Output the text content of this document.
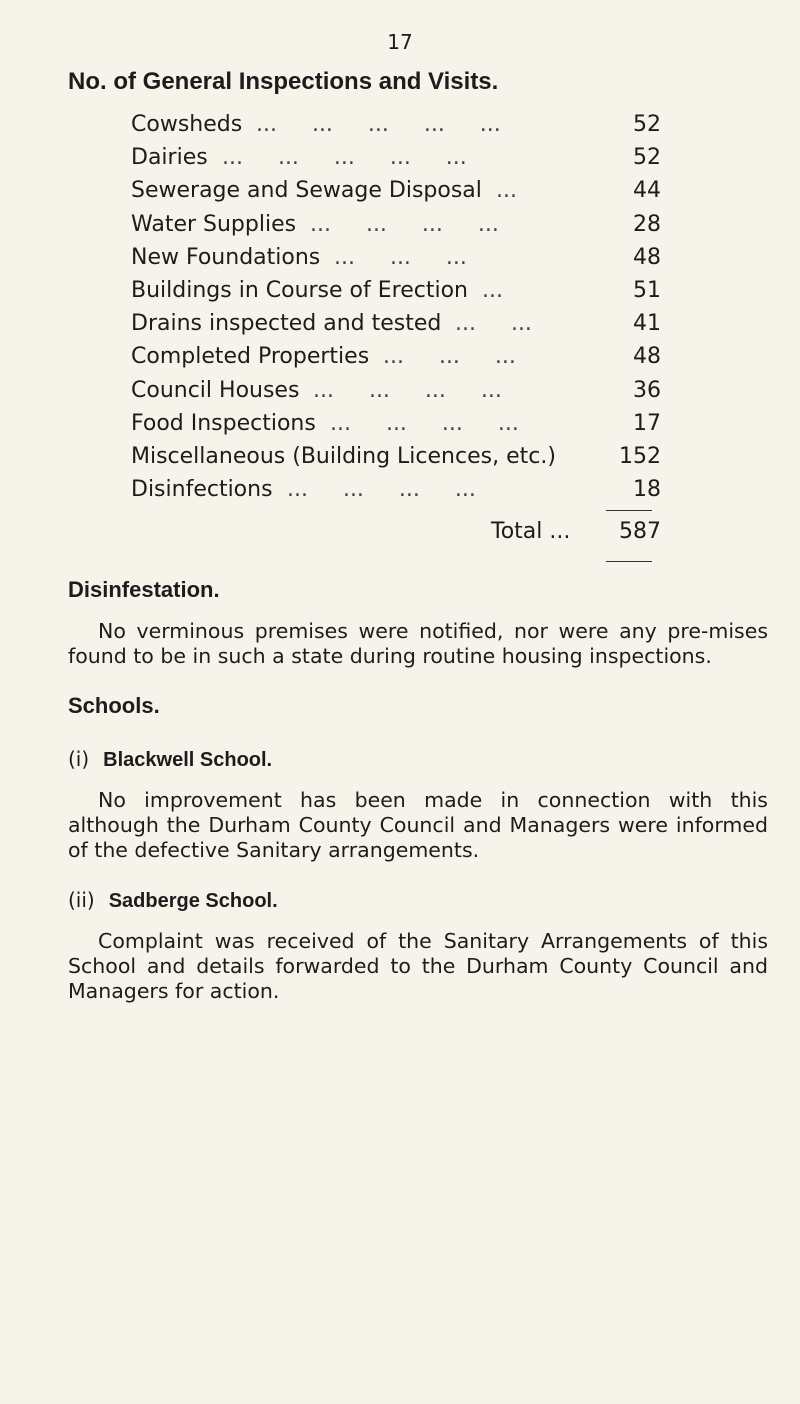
17
No. of General Inspections and Visits.
Cowsheds ...     ...     ...     ...     ...	52
Dairies ...     ...     ...     ...     ...	52
Sewerage and Sewage Disposal ...	44
Water Supplies ...     ...     ...     ...	28
New Foundations ...     ...     ...	48
Buildings in Course of Erection ...	51
Drains inspected and tested ...     ...	41
Completed Properties ...     ...     ...	48
Council Houses ...     ...     ...     ...	36
Food Inspections ...     ...     ...     ...	17
Miscellaneous (Building Licences, etc.)	152
Disinfections ...     ...     ...     ...	18
Total ... 587
Disinfestation.
No verminous premises were notified, nor were any pre-mises found to be in such a state during routine housing inspections.
Schools.
(i) Blackwell School.
No improvement has been made in connection with this although the Durham County Council and Managers were informed of the defective Sanitary arrangements.
(ii) Sadberge School.
Complaint was received of the Sanitary Arrangements of this School and details forwarded to the Durham County Council and Managers for action.
